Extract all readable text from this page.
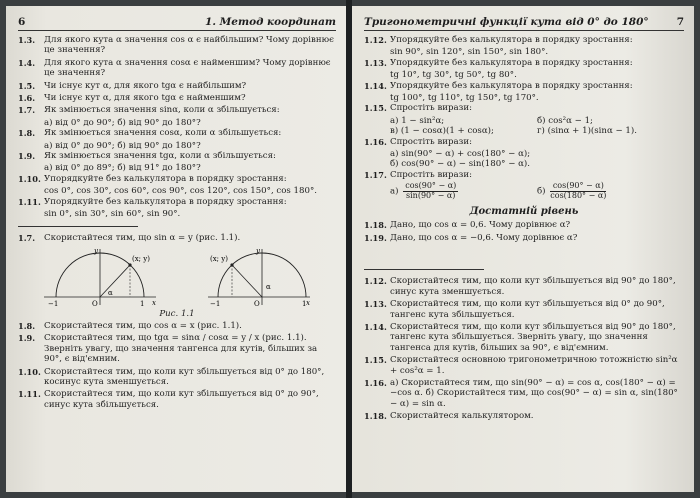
6	1. Метод координат
1.3.	Для якого кута α значення cos α є найбільшим? Чому дорівнює це значення?
1.4.	Для якого кута α значення cosα є найменшим? Чому дорівнює це значення?
1.5.	Чи існує кут α, для якого tgα є найбільшим?
1.6.	Чи існує кут α, для якого tgα є найменшим?
1.7.	Як змінюється значення sinα, коли α збільшується:
а) від 0° до 90°; б) від 90° до 180°?
1.8.	Як змінюється значення cosα, коли α збільшується:
а) від 0° до 90°; б) від 90° до 180°?
1.9.	Як змінюється значення tgα, коли α збільшується:
а) від 0° до 89°; б) від 91° до 180°?
1.10. Упорядкуйте без калькулятора в порядку зростання:
cos 0°, cos 30°, cos 60°, cos 90°, cos 120°, cos 150°, cos 180°.
1.11. Упорядкуйте без калькулятора в порядку зростання:
sin 0°, sin 30°, sin 60°, sin 90°.
1.7.	Скористайтеся тим, що sin α = y (рис. 1.1).
(x; y)
y
x
−1	O	1
α
(x; y)
y
x
−1	O	1
α
Рис. 1.1
1.8.	Скористайтеся тим, що cos α = x (рис. 1.1).
1.9.	Скористайтеся тим, що tgα = sinα / cosα = y / x (рис. 1.1). Зверніть увагу, що значення тангенса для кутів, більших за 90°, є від'ємним.
1.10. Скористайтеся тим, що коли кут збільшується від 0° до 180°, косинус кута зменшується.
1.11. Скористайтеся тим, що коли кут збільшується від 0° до 90°, синус кута збільшується.
Тригонометричні функції кута від 0° до 180°	7
1.12. Упорядкуйте без калькулятора в порядку зростання:
sin 90°, sin 120°, sin 150°, sin 180°.
1.13. Упорядкуйте без калькулятора в порядку зростання:
tg 10°, tg 30°, tg 50°, tg 80°.
1.14. Упорядкуйте без калькулятора в порядку зростання:
tg 100°, tg 110°, tg 150°, tg 170°.
1.15. Спростіть вирази:
а) 1 − sin²α;	б) cos²α − 1;
в) (1 − cosα)(1 + cosα);	г) (sinα + 1)(sinα − 1).
1.16. Спростіть вирази:
а) sin(90° − α) + cos(180° − α);
б) cos(90° − α) − sin(180° − α).
1.17. Спростіть вирази:
$а) \frac{\cos(90^\circ - \alpha)}{\sin(90^\circ - \alpha)}$	$б) \frac{\cos(90^\circ - \alpha)}{\cos(180^\circ - \alpha)}$
Достатній рівень
1.18. Дано, що cos α = 0,6. Чому дорівнює α?
1.19. Дано, що cos α = −0,6. Чому дорівнює α?
1.12. Скористайтеся тим, що коли кут збільшується від 90° до 180°, синус кута зменшується.
1.13. Скористайтеся тим, що коли кут збільшується від 0° до 90°, тангенс кута збільшується.
1.14. Скористайтеся тим, що коли кут збільшується від 90° до 180°, тангенс кута збільшується. Зверніть увагу, що значення тангенса для кутів, більших за 90°, є від'ємним.
1.15. Скористайтеся основною тригонометричною тотожністю sin²α + cos²α = 1.
1.16. а) Скористайтеся тим, що sin(90° − α) = cos α, cos(180° − α) = −cos α. б) Скористайтеся тим, що cos(90° − α) = sin α, sin(180° − α) = sin α.
1.18. Скористайтеся калькулятором.
